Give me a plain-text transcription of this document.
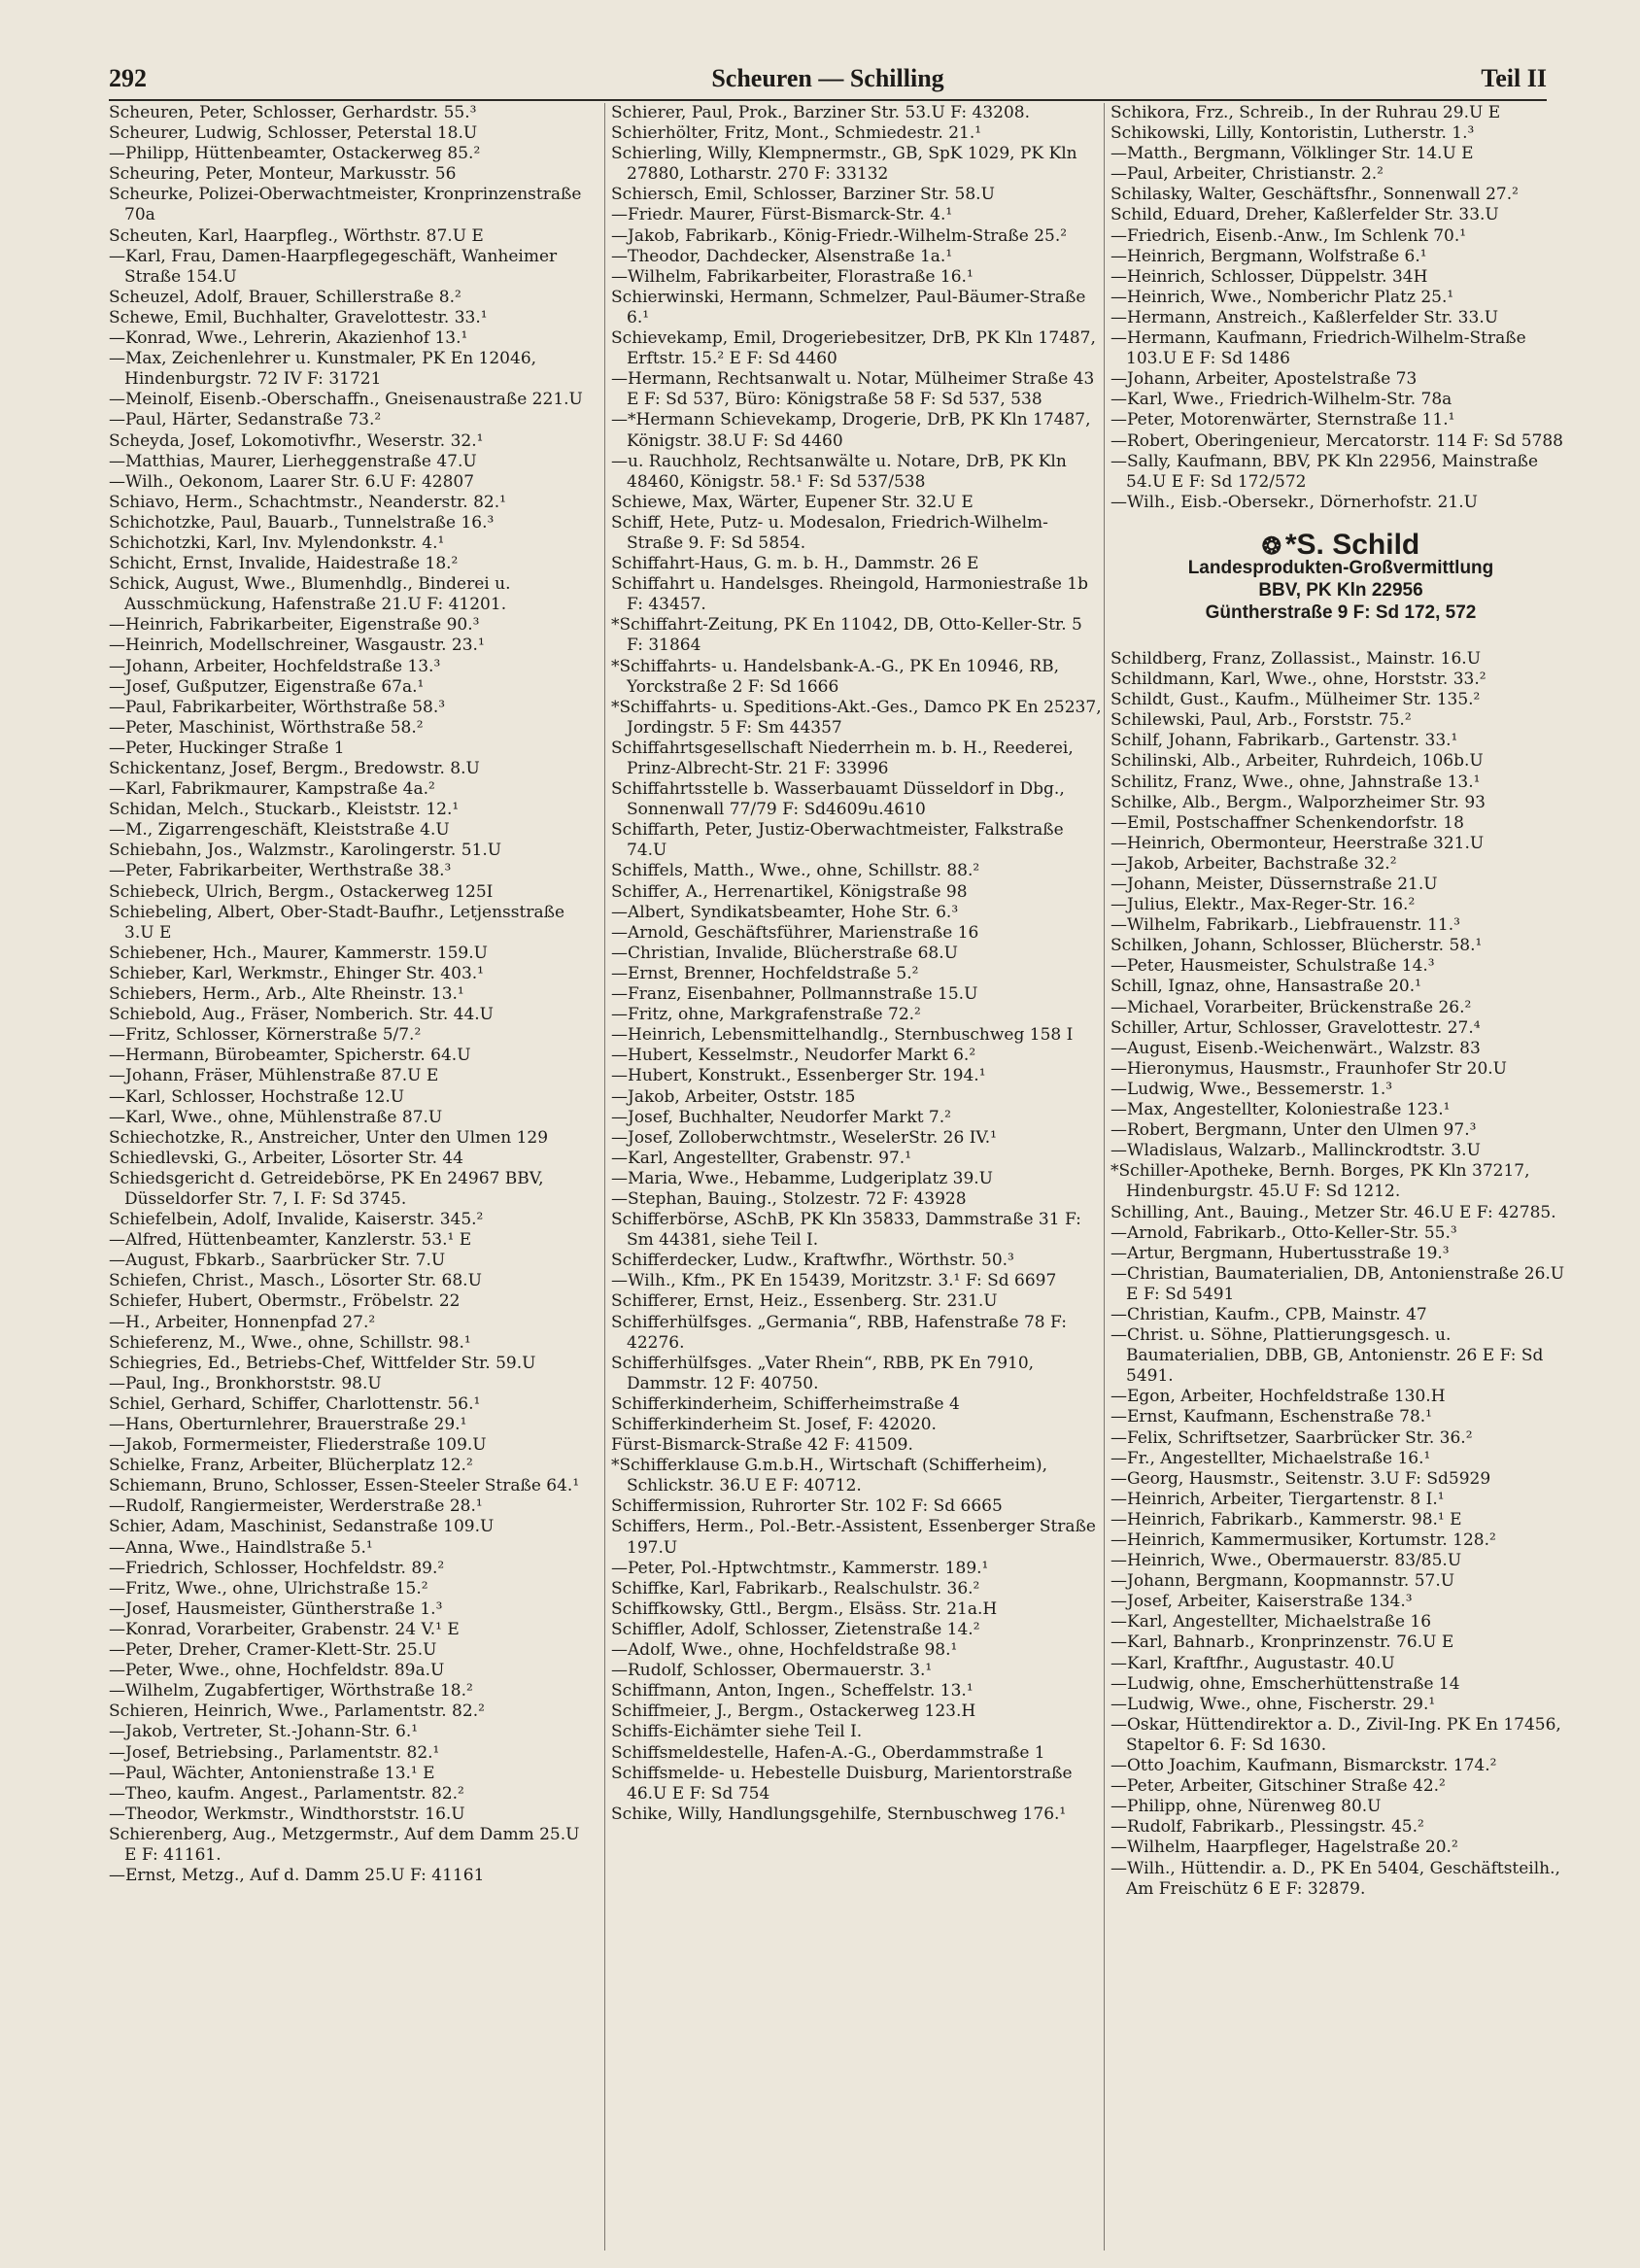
292	Scheuren — Schilling	Teil II

Scheuren, Peter, Schlosser, Gerhardstr. 55.³

Scheurer, Ludwig, Schlosser, Peterstal 18.U

—Philipp, Hüttenbeamter, Ostackerweg 85.²

Scheuring, Peter, Monteur, Markusstr. 56

Scheurke, Polizei-Oberwachtmeister, Kronprinzenstraße 70a

Scheuten, Karl, Haarpfleg., Wörthstr. 87.U E

—Karl, Frau, Damen-Haarpflegegeschäft, Wanheimer Straße 154.U

Scheuzel, Adolf, Brauer, Schillerstraße 8.²

Schewe, Emil, Buchhalter, Gravelottestr. 33.¹

—Konrad, Wwe., Lehrerin, Akazienhof 13.¹

—Max, Zeichenlehrer u. Kunstmaler, PK En 12046, Hindenburgstr. 72 IV F: 31721

—Meinolf, Eisenb.-Oberschaffn., Gneisenaustraße 221.U

—Paul, Härter, Sedanstraße 73.²

Scheyda, Josef, Lokomotivfhr., Weserstr. 32.¹

—Matthias, Maurer, Lierheggenstraße 47.U

—Wilh., Oekonom, Laarer Str. 6.U F: 42807

Schiavo, Herm., Schachtmstr., Neanderstr. 82.¹

Schichotzke, Paul, Bauarb., Tunnelstraße 16.³

Schichotzki, Karl, Inv. Mylendonkstr. 4.¹

Schicht, Ernst, Invalide, Haidestraße 18.²

Schick, August, Wwe., Blumenhdlg., Binderei u. Ausschmückung, Hafenstraße 21.U F: 41201.

—Heinrich, Fabrikarbeiter, Eigenstraße 90.³

—Heinrich, Modellschreiner, Wasgaustr. 23.¹

—Johann, Arbeiter, Hochfeldstraße 13.³

—Josef, Gußputzer, Eigenstraße 67a.¹

—Paul, Fabrikarbeiter, Wörthstraße 58.³

—Peter, Maschinist, Wörthstraße 58.²

—Peter, Huckinger Straße 1

Schickentanz, Josef, Bergm., Bredowstr. 8.U

—Karl, Fabrikmaurer, Kampstraße 4a.²

Schidan, Melch., Stuckarb., Kleiststr. 12.¹

—M., Zigarrengeschäft, Kleiststraße 4.U

Schiebahn, Jos., Walzmstr., Karolingerstr. 51.U

—Peter, Fabrikarbeiter, Werthstraße 38.³

Schiebeck, Ulrich, Bergm., Ostackerweg 125I

Schiebeling, Albert, Ober-Stadt-Baufhr., Letjensstraße 3.U E

Schiebener, Hch., Maurer, Kammerstr. 159.U

Schieber, Karl, Werkmstr., Ehinger Str. 403.¹

Schiebers, Herm., Arb., Alte Rheinstr. 13.¹

Schiebold, Aug., Fräser, Nomberich. Str. 44.U

—Fritz, Schlosser, Körnerstraße 5/7.²

—Hermann, Bürobeamter, Spicherstr. 64.U

—Johann, Fräser, Mühlenstraße 87.U E

—Karl, Schlosser, Hochstraße 12.U

—Karl, Wwe., ohne, Mühlenstraße 87.U

Schiechotzke, R., Anstreicher, Unter den Ulmen 129

Schiedlevski, G., Arbeiter, Lösorter Str. 44

Schiedsgericht d. Getreidebörse, PK En 24967 BBV, Düsseldorfer Str. 7, I. F: Sd 3745.

Schiefelbein, Adolf, Invalide, Kaiserstr. 345.²

—Alfred, Hüttenbeamter, Kanzlerstr. 53.¹ E

—August, Fbkarb., Saarbrücker Str. 7.U

Schiefen, Christ., Masch., Lösorter Str. 68.U

Schiefer, Hubert, Obermstr., Fröbelstr. 22

—H., Arbeiter, Honnenpfad 27.²

Schieferenz, M., Wwe., ohne, Schillstr. 98.¹

Schiegries, Ed., Betriebs-Chef, Wittfelder Str. 59.U

—Paul, Ing., Bronkhorststr. 98.U

Schiel, Gerhard, Schiffer, Charlottenstr. 56.¹

—Hans, Oberturnlehrer, Brauerstraße 29.¹

—Jakob, Formermeister, Fliederstraße 109.U

Schielke, Franz, Arbeiter, Blücherplatz 12.²

Schiemann, Bruno, Schlosser, Essen-Steeler Straße 64.¹

—Rudolf, Rangiermeister, Werderstraße 28.¹

Schier, Adam, Maschinist, Sedanstraße 109.U

—Anna, Wwe., Haindlstraße 5.¹

—Friedrich, Schlosser, Hochfeldstr. 89.²

—Fritz, Wwe., ohne, Ulrichstraße 15.²

—Josef, Hausmeister, Güntherstraße 1.³

—Konrad, Vorarbeiter, Grabenstr. 24 V.¹ E

—Peter, Dreher, Cramer-Klett-Str. 25.U

—Peter, Wwe., ohne, Hochfeldstr. 89a.U

—Wilhelm, Zugabfertiger, Wörthstraße 18.²

Schieren, Heinrich, Wwe., Parlamentstr. 82.²

—Jakob, Vertreter, St.-Johann-Str. 6.¹

—Josef, Betriebsing., Parlamentstr. 82.¹

—Paul, Wächter, Antonienstraße 13.¹ E

—Theo, kaufm. Angest., Parlamentstr. 82.²

—Theodor, Werkmstr., Windthorststr. 16.U

Schierenberg, Aug., Metzgermstr., Auf dem Damm 25.U E F: 41161.

—Ernst, Metzg., Auf d. Damm 25.U F: 41161

Schierer, Paul, Prok., Barziner Str. 53.U F: 43208.

Schierhölter, Fritz, Mont., Schmiedestr. 21.¹

Schierling, Willy, Klempnermstr., GB, SpK 1029, PK Kln 27880, Lotharstr. 270 F: 33132

Schiersch, Emil, Schlosser, Barziner Str. 58.U

—Friedr. Maurer, Fürst-Bismarck-Str. 4.¹

—Jakob, Fabrikarb., König-Friedr.-Wilhelm-Straße 25.²

—Theodor, Dachdecker, Alsenstraße 1a.¹

—Wilhelm, Fabrikarbeiter, Florastraße 16.¹

Schierwinski, Hermann, Schmelzer, Paul-Bäumer-Straße 6.¹

Schievekamp, Emil, Drogeriebesitzer, DrB, PK Kln 17487, Erftstr. 15.² E F: Sd 4460

—Hermann, Rechtsanwalt u. Notar, Mülheimer Straße 43 E F: Sd 537, Büro: Königstraße 58 F: Sd 537, 538

—*Hermann Schievekamp, Drogerie, DrB, PK Kln 17487, Königstr. 38.U F: Sd 4460

—u. Rauchholz, Rechtsanwälte u. Notare, DrB, PK Kln 48460, Königstr. 58.¹ F: Sd 537/538

Schiewe, Max, Wärter, Eupener Str. 32.U E

Schiff, Hete, Putz- u. Modesalon, Friedrich-Wilhelm-Straße 9. F: Sd 5854.

Schiffahrt-Haus, G. m. b. H., Dammstr. 26 E

Schiffahrt u. Handelsges. Rheingold, Harmoniestraße 1b F: 43457.

*Schiffahrt-Zeitung, PK En 11042, DB, Otto-Keller-Str. 5 F: 31864

*Schiffahrts- u. Handelsbank-A.-G., PK En 10946, RB, Yorckstraße 2 F: Sd 1666

*Schiffahrts- u. Speditions-Akt.-Ges., Damco PK En 25237, Jordingstr. 5 F: Sm 44357

Schiffahrtsgesellschaft Niederrhein m. b. H., Reederei, Prinz-Albrecht-Str. 21 F: 33996

Schiffahrtsstelle b. Wasserbauamt Düsseldorf in Dbg., Sonnenwall 77/79 F: Sd4609u.4610

Schiffarth, Peter, Justiz-Oberwachtmeister, Falkstraße 74.U

Schiffels, Matth., Wwe., ohne, Schillstr. 88.²

Schiffer, A., Herrenartikel, Königstraße 98

—Albert, Syndikatsbeamter, Hohe Str. 6.³

—Arnold, Geschäftsführer, Marienstraße 16

—Christian, Invalide, Blücherstraße 68.U

—Ernst, Brenner, Hochfeldstraße 5.²

—Franz, Eisenbahner, Pollmannstraße 15.U

—Fritz, ohne, Markgrafenstraße 72.²

—Heinrich, Lebensmittelhandlg., Sternbuschweg 158 I

—Hubert, Kesselmstr., Neudorfer Markt 6.²

—Hubert, Konstrukt., Essenberger Str. 194.¹

—Jakob, Arbeiter, Oststr. 185

—Josef, Buchhalter, Neudorfer Markt 7.²

—Josef, Zolloberwchtmstr., WeselerStr. 26 IV.¹

—Karl, Angestellter, Grabenstr. 97.¹

—Maria, Wwe., Hebamme, Ludgeriplatz 39.U

—Stephan, Bauing., Stolzestr. 72 F: 43928

Schifferbörse, ASchB, PK Kln 35833, Dammstraße 31 F: Sm 44381, siehe Teil I.

Schifferdecker, Ludw., Kraftwfhr., Wörthstr. 50.³

—Wilh., Kfm., PK En 15439, Moritzstr. 3.¹ F: Sd 6697

Schifferer, Ernst, Heiz., Essenberg. Str. 231.U

Schifferhülfsges. „Germania“, RBB, Hafenstraße 78 F: 42276.

Schifferhülfsges. „Vater Rhein“, RBB, PK En 7910, Dammstr. 12 F: 40750.

Schifferkinderheim, Schifferheimstraße 4

Schifferkinderheim St. Josef, F: 42020.

Fürst-Bismarck-Straße 42 F: 41509.

*Schifferklause G.m.b.H., Wirtschaft (Schifferheim), Schlickstr. 36.U E F: 40712.

Schiffermission, Ruhrorter Str. 102 F: Sd 6665

Schiffers, Herm., Pol.-Betr.-Assistent, Essenberger Straße 197.U

—Peter, Pol.-Hptwchtmstr., Kammerstr. 189.¹

Schiffke, Karl, Fabrikarb., Realschulstr. 36.²

Schiffkowsky, Gttl., Bergm., Elsäss. Str. 21a.H

Schiffler, Adolf, Schlosser, Zietenstraße 14.²

—Adolf, Wwe., ohne, Hochfeldstraße 98.¹

—Rudolf, Schlosser, Obermauerstr. 3.¹

Schiffmann, Anton, Ingen., Scheffelstr. 13.¹

Schiffmeier, J., Bergm., Ostackerweg 123.H

Schiffs-Eichämter siehe Teil I.

Schiffsmeldestelle, Hafen-A.-G., Oberdammstraße 1

Schiffsmelde- u. Hebestelle Duisburg, Marientorstraße 46.U E F: Sd 754

Schike, Willy, Handlungsgehilfe, Sternbuschweg 176.¹

Schikora, Frz., Schreib., In der Ruhrau 29.U E

Schikowski, Lilly, Kontoristin, Lutherstr. 1.³

—Matth., Bergmann, Völklinger Str. 14.U E

—Paul, Arbeiter, Christianstr. 2.²

Schilasky, Walter, Geschäftsfhr., Sonnenwall 27.²

Schild, Eduard, Dreher, Kaßlerfelder Str. 33.U

—Friedrich, Eisenb.-Anw., Im Schlenk 70.¹

—Heinrich, Bergmann, Wolfstraße 6.¹

—Heinrich, Schlosser, Düppelstr. 34H

—Heinrich, Wwe., Nomberichr Platz 25.¹

—Hermann, Anstreich., Kaßlerfelder Str. 33.U

—Hermann, Kaufmann, Friedrich-Wilhelm-Straße 103.U E F: Sd 1486

—Johann, Arbeiter, Apostelstraße 73

—Karl, Wwe., Friedrich-Wilhelm-Str. 78a

—Peter, Motorenwärter, Sternstraße 11.¹

—Robert, Oberingenieur, Mercatorstr. 114 F: Sd 5788

—Sally, Kaufmann, BBV, PK Kln 22956, Mainstraße 54.U E F: Sd 172/572

—Wilh., Eisb.-Obersekr., Dörnerhofstr. 21.U

❂ *S. Schild
Landesprodukten-Großvermittlung
BBV, PK Kln 22956
Güntherstraße 9 F: Sd 172, 572

Schildberg, Franz, Zollassist., Mainstr. 16.U

Schildmann, Karl, Wwe., ohne, Horststr. 33.²

Schildt, Gust., Kaufm., Mülheimer Str. 135.²

Schilewski, Paul, Arb., Forststr. 75.²

Schilf, Johann, Fabrikarb., Gartenstr. 33.¹

Schilinski, Alb., Arbeiter, Ruhrdeich, 106b.U

Schilitz, Franz, Wwe., ohne, Jahnstraße 13.¹

Schilke, Alb., Bergm., Walporzheimer Str. 93

—Emil, Postschaffner Schenkendorfstr. 18

—Heinrich, Obermonteur, Heerstraße 321.U

—Jakob, Arbeiter, Bachstraße 32.²

—Johann, Meister, Düssernstraße 21.U

—Julius, Elektr., Max-Reger-Str. 16.²

—Wilhelm, Fabrikarb., Liebfrauenstr. 11.³

Schilken, Johann, Schlosser, Blücherstr. 58.¹

—Peter, Hausmeister, Schulstraße 14.³

Schill, Ignaz, ohne, Hansastraße 20.¹

—Michael, Vorarbeiter, Brückenstraße 26.²

Schiller, Artur, Schlosser, Gravelottestr. 27.⁴

—August, Eisenb.-Weichenwärt., Walzstr. 83

—Hieronymus, Hausmstr., Fraunhofer Str 20.U

—Ludwig, Wwe., Bessemerstr. 1.³

—Max, Angestellter, Koloniestraße 123.¹

—Robert, Bergmann, Unter den Ulmen 97.³

—Wladislaus, Walzarb., Mallinckrodtstr. 3.U

*Schiller-Apotheke, Bernh. Borges, PK Kln 37217, Hindenburgstr. 45.U F: Sd 1212.

Schilling, Ant., Bauing., Metzer Str. 46.U E F: 42785.

—Arnold, Fabrikarb., Otto-Keller-Str. 55.³

—Artur, Bergmann, Hubertusstraße 19.³

—Christian, Baumaterialien, DB, Antonienstraße 26.U E F: Sd 5491

—Christian, Kaufm., CPB, Mainstr. 47

—Christ. u. Söhne, Plattierungsgesch. u. Baumaterialien, DBB, GB, Antonienstr. 26 E F: Sd 5491.

—Egon, Arbeiter, Hochfeldstraße 130.H

—Ernst, Kaufmann, Eschenstraße 78.¹

—Felix, Schriftsetzer, Saarbrücker Str. 36.²

—Fr., Angestellter, Michaelstraße 16.¹

—Georg, Hausmstr., Seitenstr. 3.U F: Sd5929

—Heinrich, Arbeiter, Tiergartenstr. 8 I.¹

—Heinrich, Fabrikarb., Kammerstr. 98.¹ E

—Heinrich, Kammermusiker, Kortumstr. 128.²

—Heinrich, Wwe., Obermauerstr. 83/85.U

—Johann, Bergmann, Koopmannstr. 57.U

—Josef, Arbeiter, Kaiserstraße 134.³

—Karl, Angestellter, Michaelstraße 16

—Karl, Bahnarb., Kronprinzenstr. 76.U E

—Karl, Kraftfhr., Augustastr. 40.U

—Ludwig, ohne, Emscherhüttenstraße 14

—Ludwig, Wwe., ohne, Fischerstr. 29.¹

—Oskar, Hüttendirektor a. D., Zivil-Ing. PK En 17456, Stapeltor 6. F: Sd 1630.

—Otto Joachim, Kaufmann, Bismarckstr. 174.²

—Peter, Arbeiter, Gitschiner Straße 42.²

—Philipp, ohne, Nürenweg 80.U

—Rudolf, Fabrikarb., Plessingstr. 45.²

—Wilhelm, Haarpfleger, Hagelstraße 20.²

—Wilh., Hüttendir. a. D., PK En 5404, Geschäftsteilh., Am Freischütz 6 E F: 32879.
